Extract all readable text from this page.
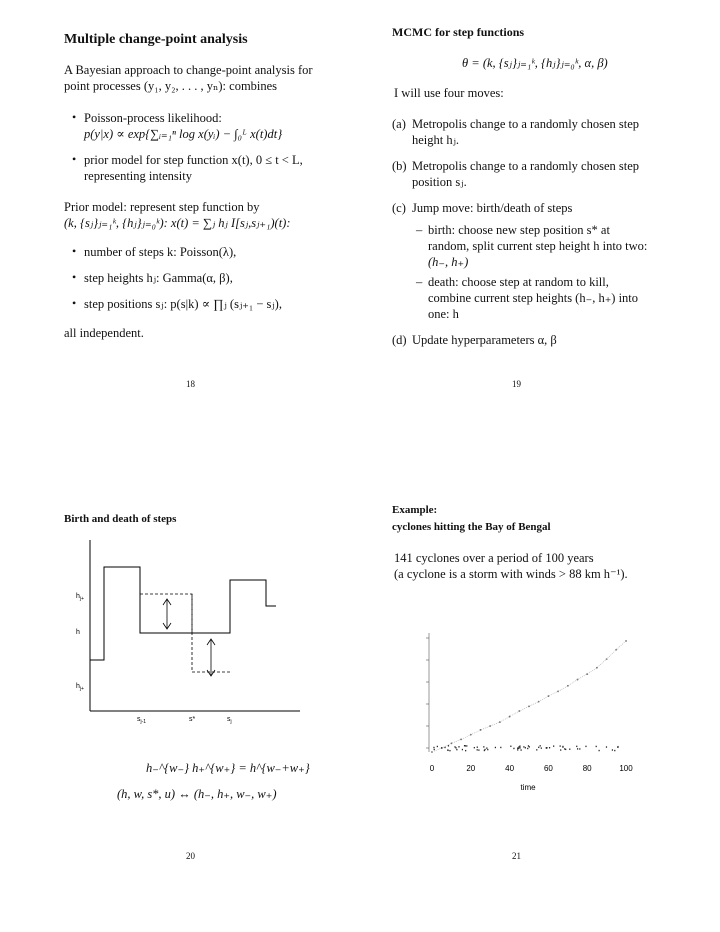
Multiple change-point analysis
A Bayesian approach to change-point analysis for
point processes (y₁, y₂, . . . , yₙ): combines
• Poisson-process likelihood:
p(y|x) ∝ exp{∑ᵢ₌₁ⁿ log x(yᵢ) − ∫₀ᴸ x(t)dt}
• prior model for step function x(t), 0 ≤ t < L,
representing intensity
Prior model: represent step function by
(k, {sⱼ}ⱼ₌₁ᵏ, {hⱼ}ⱼ₌₀ᵏ): x(t) = ∑ⱼ hⱼ I[sⱼ,sⱼ₊₁)(t):
• number of steps k: Poisson(λ),
• step heights hⱼ: Gamma(α, β),
• step positions sⱼ: p(s|k) ∝ ∏ⱼ (sⱼ₊₁ − sⱼ),
all independent.
18
MCMC for step functions
θ = (k, {sⱼ}ⱼ₌₁ᵏ, {hⱼ}ⱼ₌₀ᵏ, α, β)
I will use four moves:
(a) Metropolis change to a randomly chosen step
height hⱼ.
(b) Metropolis change to a randomly chosen step
position sⱼ.
(c) Jump move: birth/death of steps
– birth: choose new step position s* at
random, split current step height h into two:
(h₋, h₊)
– death: choose step at random to kill,
combine current step heights (h₋, h₊) into
one: h
(d) Update hyperparameters α, β
19
Birth and death of steps
$h_{j+}$
h
$h_{j+}$
$s_{j-1}$	s*	$s_j$
h₋^{w₋} h₊^{w₊} = h^{w₋+w₊}
(h, w, s*, u) ↔ (h₋, h₊, w₋, w₊)
20
Example:
cyclones hitting the Bay of Bengal
141 cyclones over a period of 100 years
(a cyclone is a storm with winds > 88 km h⁻¹).
0	20	40	60	80	100
time
21
